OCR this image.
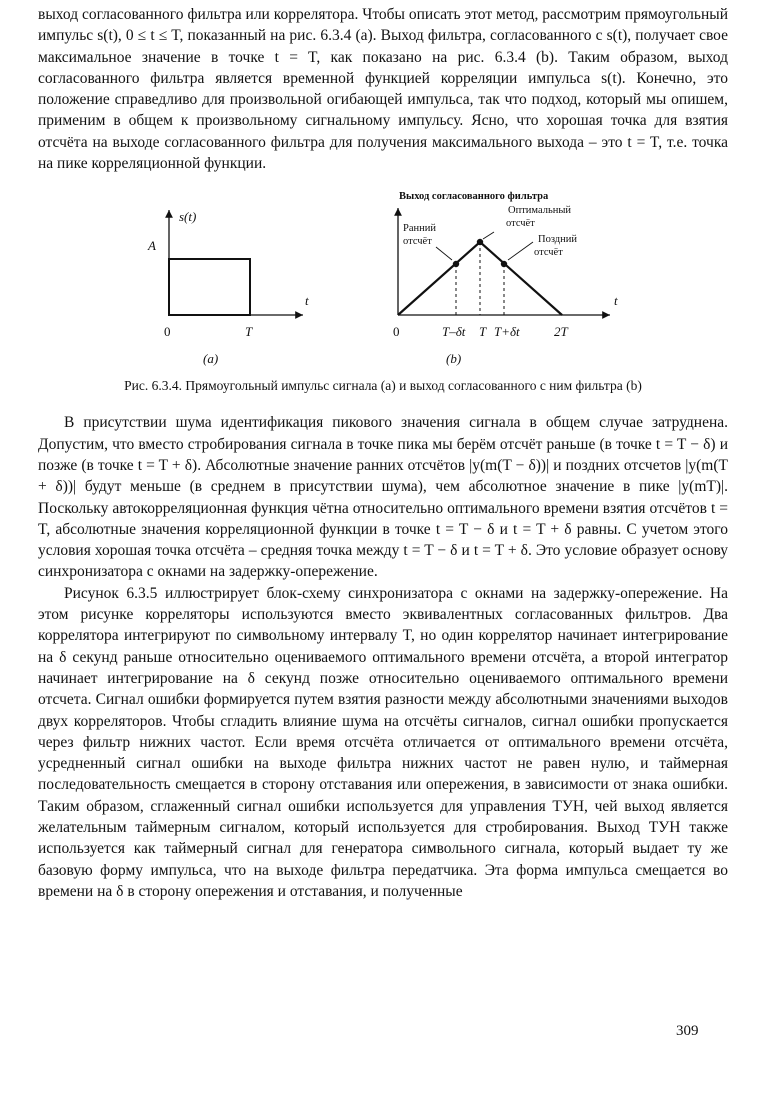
выход согласованного фильтра или коррелятора. Чтобы описать этот метод, рассмотрим прямоугольный импульс s(t), 0 ≤ t ≤ T, показанный на рис. 6.3.4 (a). Выход фильтра, согласованного с s(t), получает свое максимальное значение в точке t = T, как показано на рис. 6.3.4 (b). Таким образом, выход согласованного фильтра является временной функцией корреляции импульса s(t). Конечно, это положение справедливо для произвольной огибающей импульса, так что подход, который мы опишем, применим в общем к произвольному сигнальному импульсу. Ясно, что хорошая точка для взятия отсчёта на выходе согласованного фильтра для получения максимального выхода – это t = T, т.е. точка на пике корреляционной функции.

s(t)
A
t
0	T
(a)
Выход согласованного фильтра
Ранний
отсчёт
Оптимальный
отсчёт
Поздний
отсчёт
t
0	T–δt T T+δt	2T
(b)
Рис. 6.3.4. Прямоугольный импульс сигнала (a) и выход согласованного с ним фильтра (b)

В присутствии шума идентификация пикового значения сигнала в общем случае затруднена. Допустим, что вместо стробирования сигнала в точке пика мы берём отсчёт раньше (в точке t = T − δ) и позже (в точке t = T + δ). Абсолютные значение ранних отсчётов |y(m(T − δ))| и поздних отсчетов |y(m(T + δ))| будут меньше (в среднем в присутствии шума), чем абсолютное значение в пике |y(mT)|. Поскольку автокорреляционная функция чётна относительно оптимального времени взятия отсчётов t = T, абсолютные значения корреляционной функции в точке t = T − δ и t = T + δ равны. С учетом этого условия хорошая точка отсчёта – средняя точка между t = T − δ и t = T + δ. Это условие образует основу синхронизатора с окнами на задержку-опережение.

Рисунок 6.3.5 иллюстрирует блок-схему синхронизатора с окнами на задержку-опережение. На этом рисунке корреляторы используются вместо эквивалентных согласованных фильтров. Два коррелятора интегрируют по символьному интервалу T, но один коррелятор начинает интегрирование на δ секунд раньше относительно оцениваемого оптимального времени отсчёта, а второй интегратор начинает интегрирование на δ секунд позже относительно оцениваемого оптимального времени отсчета. Сигнал ошибки формируется путем взятия разности между абсолютными значениями выходов двух корреляторов. Чтобы сгладить влияние шума на отсчёты сигналов, сигнал ошибки пропускается через фильтр нижних частот. Если время отсчёта отличается от оптимального времени отсчёта, усредненный сигнал ошибки на выходе фильтра нижних частот не равен нулю, и таймерная последовательность смещается в сторону отставания или опережения, в зависимости от знака ошибки. Таким образом, сглаженный сигнал ошибки используется для управления ТУН, чей выход является желательным таймерным сигналом, который используется для стробирования. Выход ТУН также используется как таймерный сигнал для генератора символьного сигнала, который выдает ту же базовую форму импульса, что на выходе фильтра передатчика. Эта форма импульса смещается во времени на δ в сторону опережения и отставания, и полученные

309
